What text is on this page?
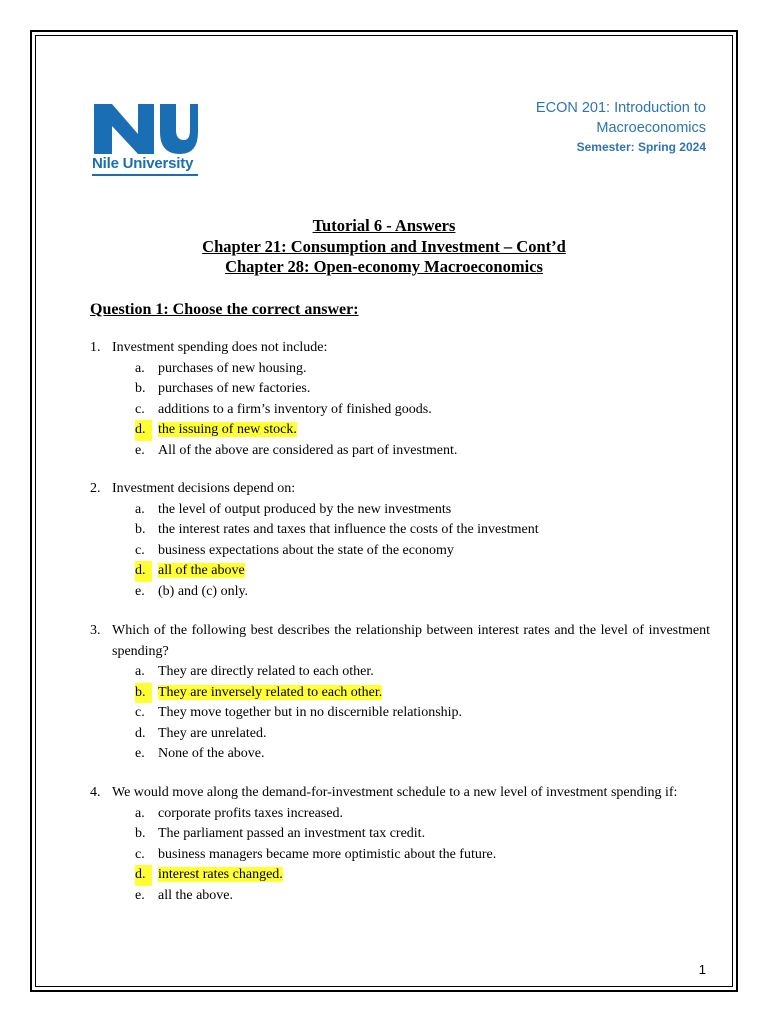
Nile University
ECON 201: Introduction to
Macroeconomics
Semester: Spring 2024
Tutorial 6 - Answers
Chapter 21: Consumption and Investment – Cont’d
Chapter 28: Open-economy Macroeconomics
Question 1: Choose the correct answer:
1. Investment spending does not include:
a. purchases of new housing.
b. purchases of new factories.
c. additions to a firm’s inventory of finished goods.
d. the issuing of new stock.
e. All of the above are considered as part of investment.
2. Investment decisions depend on:
a. the level of output produced by the new investments
b. the interest rates and taxes that influence the costs of the investment
c. business expectations about the state of the economy
d. all of the above
e. (b) and (c) only.
3. Which of the following best describes the relationship between interest rates and the level of investment spending?
a. They are directly related to each other.
b. They are inversely related to each other.
c. They move together but in no discernible relationship.
d. They are unrelated.
e. None of the above.
4. We would move along the demand-for-investment schedule to a new level of investment spending if:
a. corporate profits taxes increased.
b. The parliament passed an investment tax credit.
c. business managers became more optimistic about the future.
d. interest rates changed.
e. all the above.
1
